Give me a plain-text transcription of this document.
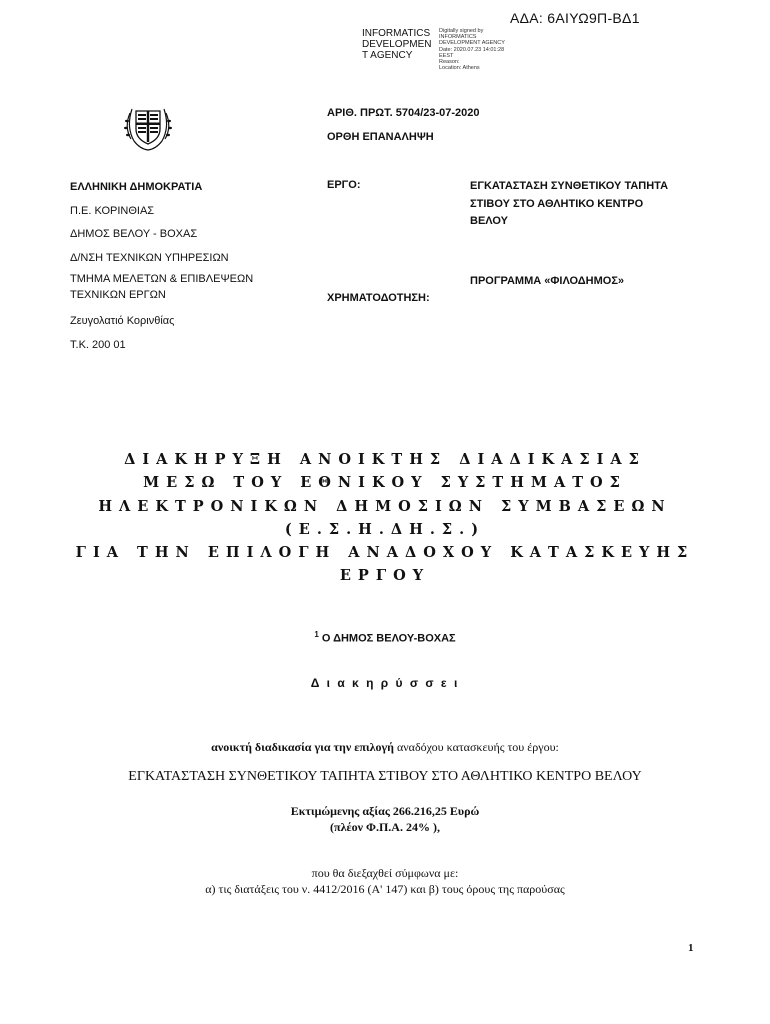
ΑΔΑ: 6ΑΙΥΩ9Π-ΒΔ1
INFORMATICS
DEVELOPMEN
T AGENCY
Digitally signed by
INFORMATICS
DEVELOPMENT AGENCY
Date: 2020.07.23 14:01:28
EEST
Reason:
Location: Athens
ΑΡΙΘ. ΠΡΩΤ. 5704/23-07-2020
ΟΡΘΗ ΕΠΑΝΑΛΗΨΗ
ΕΛΛΗΝΙΚΗ ΔΗΜΟΚΡΑΤΙΑ
Π.Ε. ΚΟΡΙΝΘΙΑΣ
ΔΗΜΟΣ ΒΕΛΟΥ - ΒΟΧΑΣ
Δ/ΝΣΗ ΤΕΧΝΙΚΩΝ ΥΠΗΡΕΣΙΩΝ
ΤΜΗΜΑ ΜΕΛΕΤΩΝ & ΕΠΙΒΛΕΨΕΩΝ
ΤΕΧΝΙΚΩΝ ΕΡΓΩΝ
Ζευγολατιό Κορινθίας
Τ.Κ. 200 01
ΕΡΓΟ:	ΕΓΚΑΤΑΣΤΑΣΗ ΣΥΝΘΕΤΙΚΟΥ ΤΑΠΗΤΑ
ΣΤΙΒΟΥ ΣΤΟ ΑΘΛΗΤΙΚΟ ΚΕΝΤΡΟ
ΒΕΛΟΥ
ΠΡΟΓΡΑΜΜΑ «ΦΙΛΟΔΗΜΟΣ»
ΧΡΗΜΑΤΟΔΟΤΗΣΗ:
ΔΙΑΚΗΡΥΞΗ ΑΝΟΙΚΤΗΣ ΔΙΑΔΙΚΑΣΙΑΣ
ΜΕΣΩ ΤΟΥ ΕΘΝΙΚΟΥ ΣΥΣΤΗΜΑΤΟΣ
ΗΛΕΚΤΡΟΝΙΚΩΝ ΔΗΜΟΣΙΩΝ ΣΥΜΒΑΣΕΩΝ
(Ε.Σ.Η.ΔΗ.Σ.)
ΓΙΑ ΤΗΝ ΕΠΙΛΟΓΗ ΑΝΑΔΟΧΟΥ ΚΑΤΑΣΚΕΥΗΣ
ΕΡΓΟΥ
$^1$ Ο ΔΗΜΟΣ ΒΕΛΟΥ-ΒΟΧΑΣ
Δ ι α κ η ρ ύ σ σ ε ι
ανοικτή διαδικασία για την επιλογή αναδόχου κατασκευής του έργου:
ΕΓΚΑΤΑΣΤΑΣΗ ΣΥΝΘΕΤΙΚΟΥ ΤΑΠΗΤΑ ΣΤΙΒΟΥ ΣΤΟ ΑΘΛΗΤΙΚΟ ΚΕΝΤΡΟ ΒΕΛΟΥ
Εκτιμώμενης αξίας 266.216,25 Ευρώ
(πλέον Φ.Π.Α. 24% ),
που θα διεξαχθεί σύμφωνα με:
α) τις διατάξεις του ν. 4412/2016 (Α' 147) και β) τους όρους της παρούσας
1
